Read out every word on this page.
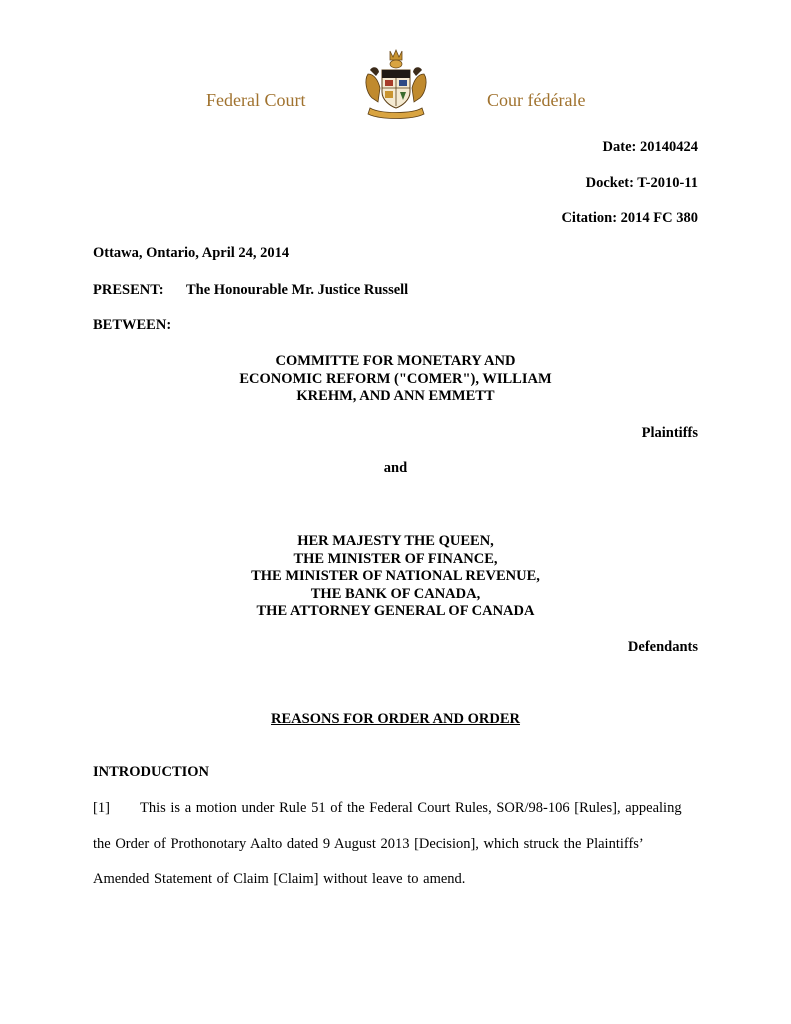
Federal Court	Cour fédérale
Date: 20140424
Docket: T-2010-11
Citation: 2014 FC 380
Ottawa, Ontario, April 24, 2014
PRESENT: The Honourable Mr. Justice Russell
BETWEEN:
COMMITTE FOR MONETARY AND
ECONOMIC REFORM ("COMER"), WILLIAM
KREHM, AND ANN EMMETT
Plaintiffs
and
HER MAJESTY THE QUEEN,
THE MINISTER OF FINANCE,
THE MINISTER OF NATIONAL REVENUE,
THE BANK OF CANADA,
THE ATTORNEY GENERAL OF CANADA
Defendants
REASONS FOR ORDER AND ORDER
INTRODUCTION
[1] This is a motion under Rule 51 of the Federal Court Rules, SOR/98-106 [Rules], appealing
the Order of Prothonotary Aalto dated 9 August 2013 [Decision], which struck the Plaintiffs’
Amended Statement of Claim [Claim] without leave to amend.
